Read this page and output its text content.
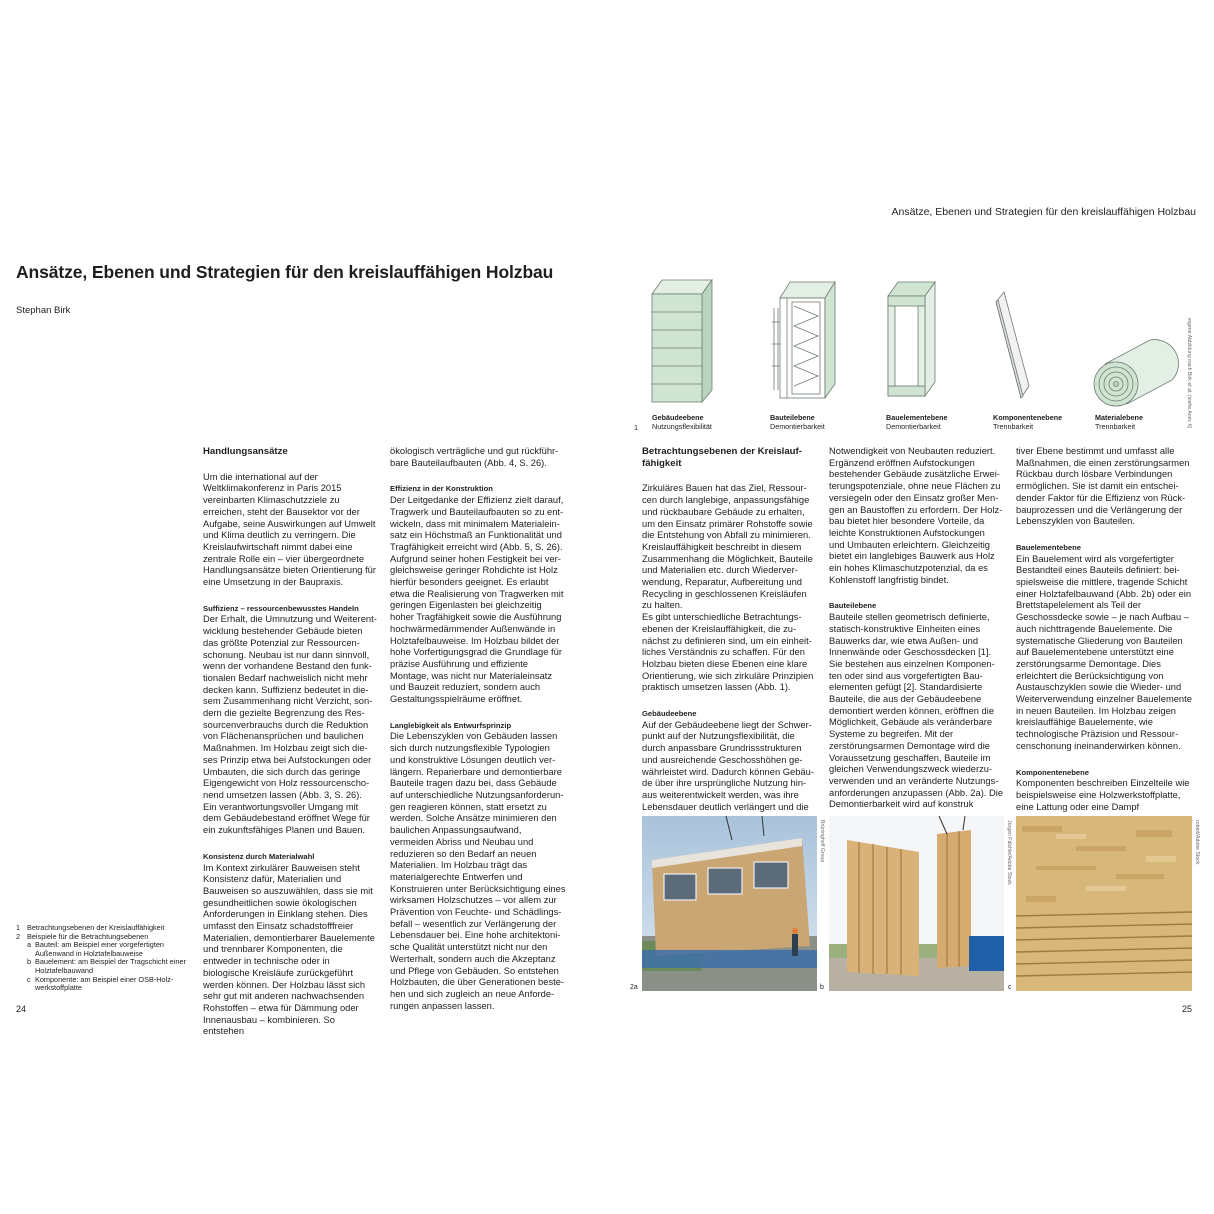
Ansätze, Ebenen und Strategien für den kreislauffähigen Holzbau
Ansätze, Ebenen und Strategien für den kreislauffähigen Holzbau
Stephan Birk
eigene Abbildung nach Birk et al. (siehe Anm. 6)
1
Gebäudeebene
Nutzungsflexibilität
Bauteilebene
Demontierbarkeit
Bauelementebene
Demontierbarkeit
Komponentenebene
Trennbarkeit
Materialebene
Trennbarkeit
Handlungsansätze

Um die international auf der Weltklimakonferenz in Paris 2015 vereinbarten Klimaschutzziele zu erreichen, steht der Bausektor vor der Aufgabe, seine Auswirkungen auf Umwelt und Klima deutlich zu verringern. Die Kreislaufwirtschaft nimmt dabei eine zentrale Rolle ein – vier übergeordnete Handlungsansätze bieten Orientierung für eine Umsetzung in der Baupraxis.

Suffizienz – ressourcenbewusstes Handeln

Der Erhalt, die Umnutzung und Weiterentwicklung bestehender Gebäude bieten das größte Potenzial zur Ressourcenschonung. Neubau ist nur dann sinnvoll, wenn der vorhandene Bestand den funktionalen Bedarf nachweislich nicht mehr decken kann. Suffizienz bedeutet in diesem Zusammenhang nicht Verzicht, sondern die gezielte Begrenzung des Ressourcenverbrauchs durch die Reduktion von Flächenansprüchen und baulichen Maßnahmen. Im Holzbau zeigt sich dieses Prinzip etwa bei Aufstockungen oder Umbauten, die sich durch das geringe Eigengewicht von Holz ressourcenschonend umsetzen lassen (Abb. 3, S. 26). Ein verantwortungsvoller Umgang mit dem Gebäudebestand eröffnet Wege für ein zukunftsfähiges Planen und Bauen.

Konsistenz durch Materialwahl

Im Kontext zirkulärer Bauweisen steht Konsistenz dafür, Materialien und Bauweisen so auszuwählen, dass sie mit gesundheitlichen sowie ökologischen Anforderungen in Einklang stehen. Dies umfasst den Einsatz schadstofffreier Materialien, demontierbarer Bauelemente und trennbarer Komponenten, die entweder in technische oder in biologische Kreisläufe zurückgeführt werden können. Der Holzbau lässt sich sehr gut mit anderen nachwachsenden Rohstoffen – etwa für Dämmung oder Innenausbau – kombinieren. So entstehen

ökologisch verträgliche und gut rückführbare Bauteilaufbauten (Abb. 4, S. 26).

Effizienz in der Konstruktion

Der Leitgedanke der Effizienz zielt darauf, Tragwerk und Bauteilaufbauten so zu entwickeln, dass mit minimalem Materialeinsatz ein Höchstmaß an Funktionalität und Tragfähigkeit erreicht wird (Abb. 5, S. 26). Aufgrund seiner hohen Festigkeit bei vergleichsweise geringer Rohdichte ist Holz hierfür besonders geeignet. Es erlaubt etwa die Realisierung von Tragwerken mit geringen Eigenlasten bei gleichzeitig hoher Tragfähigkeit sowie die Ausführung hochwärmedämmender Außenwände in Holztafelbauweise. Im Holzbau bildet der hohe Vorfertigungsgrad die Grundlage für präzise Ausführung und effiziente Montage, was nicht nur Materialeinsatz und Bauzeit reduziert, sondern auch Gestaltungsspielräume eröffnet.

Langlebigkeit als Entwurfsprinzip

Die Lebenszyklen von Gebäuden lassen sich durch nutzungsflexible Typologien und konstruktive Lösungen deutlich verlängern. Reparierbare und demontierbare Bauteile tragen dazu bei, dass Gebäude auf unterschiedliche Nutzungsanforderungen reagieren können, statt ersetzt zu werden. Solche Ansätze minimieren den baulichen Anpassungsaufwand, vermeiden Abriss und Neubau und reduzieren so den Bedarf an neuen Materialien. Im Holzbau trägt das materialgerechte Entwerfen und Konstruieren unter Berücksichtigung eines wirksamen Holzschutzes – vor allem zur Prävention von Feuchte- und Schädlingsbefall – wesentlich zur Verlängerung der Lebensdauer bei. Eine hohe architektonische Qualität unterstützt nicht nur den Werterhalt, sondern auch die Akzeptanz und Pflege von Gebäuden. So entstehen Holzbauten, die über Generationen bestehen und sich zugleich an neue Anforderungen anpassen lassen.

Betrachtungsebenen der Kreislauffähigkeit

Zirkuläres Bauen hat das Ziel, Ressourcen durch langlebige, anpassungsfähige und rückbaubare Gebäude zu erhalten, um den Einsatz primärer Rohstoffe sowie die Entstehung von Abfall zu minimieren. Kreislauffähigkeit beschreibt in diesem Zusammenhang die Möglichkeit, Bauteile und Materialien etc. durch Wiederverwendung, Reparatur, Aufbereitung und Recycling in geschlossenen Kreisläufen zu halten.

Es gibt unterschiedliche Betrachtungsebenen der Kreislauffähigkeit, die zunächst zu definieren sind, um ein einheitliches Verständnis zu schaffen. Für den Holzbau bieten diese Ebenen eine klare Orientierung, wie sich zirkuläre Prinzipien praktisch umsetzen lassen (Abb. 1).

Gebäudeebene

Auf der Gebäudeebene liegt der Schwerpunkt auf der Nutzungsflexibilität, die durch anpassbare Grundrissstrukturen und ausreichende Geschosshöhen gewährleistet wird. Dadurch können Gebäude über ihre ursprüngliche Nutzung hinaus weiterentwickelt werden, was ihre Lebensdauer deutlich verlängert und die

Notwendigkeit von Neubauten reduziert. Ergänzend eröffnen Aufstockungen bestehender Gebäude zusätzliche Erweiterungspotenziale, ohne neue Flächen zu versiegeln oder den Einsatz großer Mengen an Baustoffen zu erfordern. Der Holzbau bietet hier besondere Vorteile, da leichte Konstruktionen Aufstockungen und Umbauten erleichtern. Gleichzeitig bietet ein langlebiges Bauwerk aus Holz ein hohes Klimaschutzpotenzial, da es Kohlenstoff langfristig bindet.

Bauteilebene

Bauteile stellen geometrisch definierte, statisch-konstruktive Einheiten eines Bauwerks dar, wie etwa Außen- und Innenwände oder Geschossdecken [1]. Sie bestehen aus einzelnen Komponenten oder sind aus vorgefertigten Bauelementen gefügt [2]. Standardisierte Bauteile, die aus der Gebäudeebene demontiert werden können, eröffnen die Möglichkeit, Gebäude als veränderbare Systeme zu begreifen. Mit der zerstörungsarmen Demontage wird die Voraussetzung geschaffen, Bauteile im gleichen Verwendungszweck wiederzuverwenden und an veränderte Nutzungsanforderungen anzupassen (Abb. 2a). Die Demontierbarkeit wird auf konstruk

tiver Ebene bestimmt und umfasst alle Maßnahmen, die einen zerstörungsarmen Rückbau durch lösbare Verbindungen ermöglichen. Sie ist damit ein entscheidender Faktor für die Effizienz von Rückbauprozessen und die Verlängerung der Lebenszyklen von Bauteilen.

Bauelementebene

Ein Bauelement wird als vorgefertigter Bestandteil eines Bauteils definiert: beispielsweise die mittlere, tragende Schicht einer Holztafelbauwand (Abb. 2b) oder ein Brettstapelelement als Teil der Geschossdecke sowie – je nach Aufbau – auch nichttragende Bauelemente. Die systematische Gliederung von Bauteilen auf Bauelementebene unterstützt eine zerstörungsarme Demontage. Dies erleichtert die Berücksichtigung von Austauschzyklen sowie die Wieder- und Weiterverwendung einzelner Bauelemente in neuen Bauteilen. Im Holzbau zeigen kreislauffähige Bauelemente, wie technologische Präzision und Ressourcenschonung ineinanderwirken können.

Komponentenebene

Komponenten beschreiben Einzelteile wie beispielsweise eine Holzwerkstoffplatte, eine Lattung oder eine Dampf

Brüninghoff Group	Jürgen Fälchle/Adobe Stock	robert/Adobe Stock
2a	b	c
1 Betrachtungsebenen der Kreislauffähigkeit
2 Beispiele für die Betrachtungsebenen
a Bauteil: am Beispiel einer vorgefertigten Außenwand in Holztafelbauweise
b Bauelement: am Beispiel der Tragschicht einer Holztafelbauwand
c Komponente: am Beispiel einer OSB-Holzwerkstoffplatte
24	25
